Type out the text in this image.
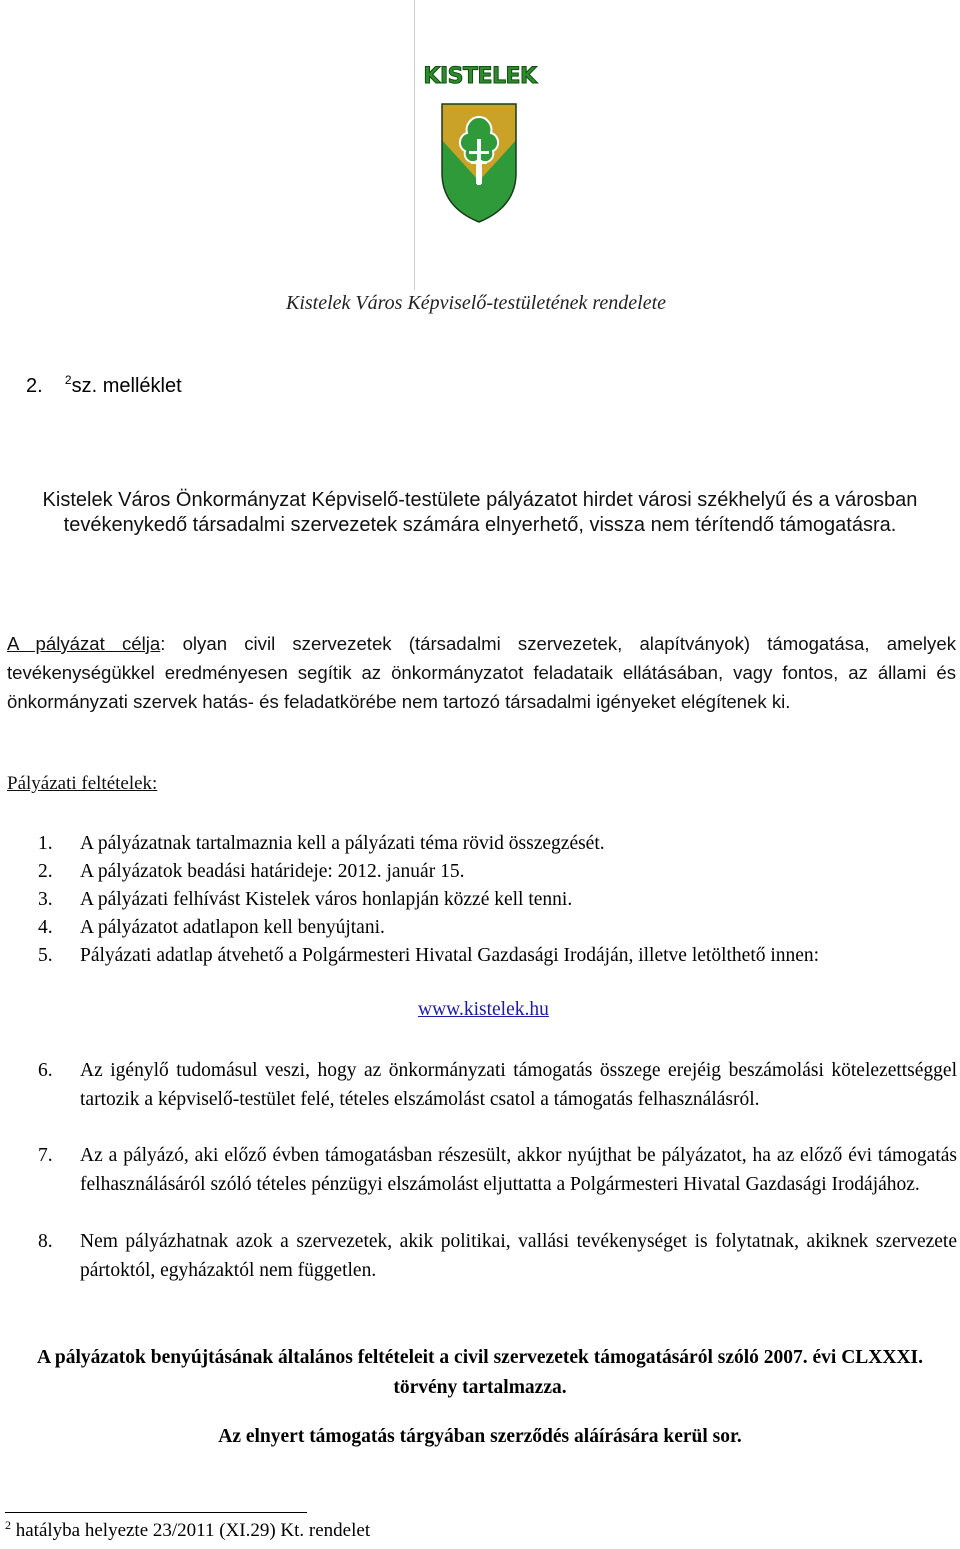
KISTELEK
Kistelek Város Képviselő-testületének rendelete
2. $^2$sz. melléklet
Kistelek Város Önkormányzat Képviselő-testülete pályázatot hirdet városi székhelyű és a városban tevékenykedő társadalmi szervezetek számára elnyerhető, vissza nem térítendő támogatásra.
A pályázat célja: olyan civil szervezetek (társadalmi szervezetek, alapítványok) támogatása, amelyek tevékenységükkel eredményesen segítik az önkormányzatot feladataik ellátásában, vagy fontos, az állami és önkormányzati szervek hatás- és feladatkörébe nem tartozó társadalmi igényeket elégítenek ki.
Pályázati feltételek:
1.	A pályázatnak tartalmaznia kell a pályázati téma rövid összegzését.
2.	A pályázatok beadási határideje: 2012. január 15.
3.	A pályázati felhívást Kistelek város honlapján közzé kell tenni.
4.	A pályázatot adatlapon kell benyújtani.
5.	Pályázati adatlap átvehető a Polgármesteri Hivatal Gazdasági Irodáján, illetve letölthető innen:
www.kistelek.hu
6.	Az igénylő tudomásul veszi, hogy az önkormányzati támogatás összege erejéig beszámolási kötelezettséggel tartozik a képviselő-testület felé, tételes elszámolást csatol a támogatás felhasználásról.
7.	Az a pályázó, aki előző évben támogatásban részesült, akkor nyújthat be pályázatot, ha az előző évi támogatás felhasználásáról szóló tételes pénzügyi elszámolást eljuttatta a Polgármesteri Hivatal Gazdasági Irodájához.
8.	Nem pályázhatnak azok a szervezetek, akik politikai, vallási tevékenységet is folytatnak, akiknek szervezete pártoktól, egyházaktól nem független.
A pályázatok benyújtásának általános feltételeit a civil szervezetek támogatásáról szóló 2007. évi CLXXXI. törvény tartalmazza.
Az elnyert támogatás tárgyában szerződés aláírására kerül sor.
$^2$ hatályba helyezte 23/2011 (XI.29) Kt. rendelet
